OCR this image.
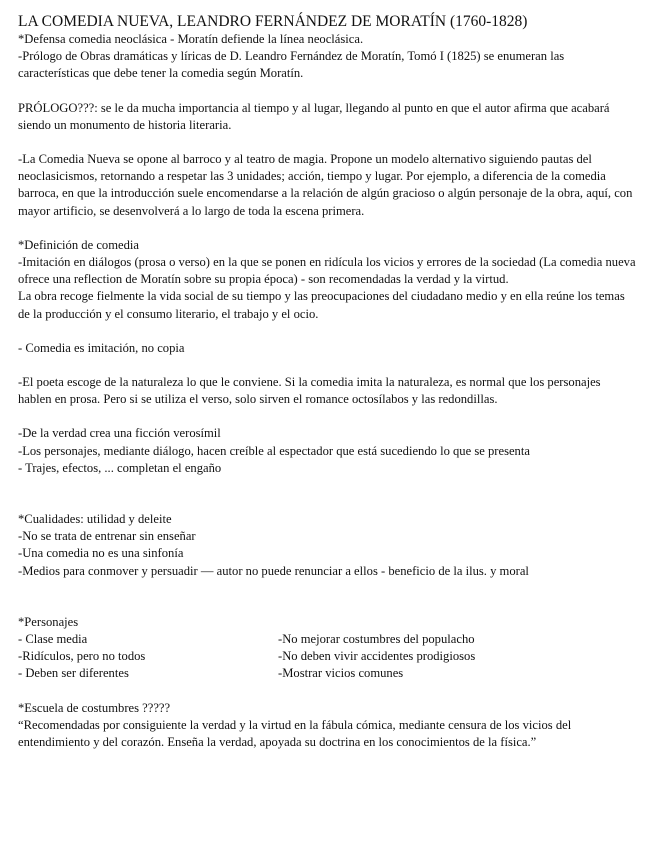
LA COMEDIA NUEVA, LEANDRO FERNÁNDEZ DE MORATÍN (1760-1828)

*Defensa comedia neoclásica - Moratín defiende la línea neoclásica.

-Prólogo de Obras dramáticas y líricas de D. Leandro Fernández de Moratín, Tomó I (1825) se enumeran las características que debe tener la comedia según Moratín.

PRÓLOGO???: se le da mucha importancia al tiempo y al lugar, llegando al punto en que el autor afirma que acabará siendo un monumento de historia literaria.

-La Comedia Nueva se opone al barroco y al teatro de magia. Propone un modelo alternativo siguiendo pautas del neoclasicismos, retornando a respetar las 3 unidades; acción, tiempo y lugar. Por ejemplo, a diferencia de la comedia barroca, en que la introducción suele encomendarse a la relación de algún gracioso o algún personaje de la obra, aquí, con mayor artificio, se desenvolverá a lo largo de toda la escena primera.

*Definición de comedia

-Imitación en diálogos (prosa o verso) en la que se ponen en ridícula los vicios y errores de la sociedad (La comedia nueva ofrece una reflection de Moratín sobre su propia época) - son recomendadas la verdad y la virtud.

La obra recoge fielmente la vida social de su tiempo y las preocupaciones del ciudadano medio y en ella reúne los temas de la producción y el consumo literario, el trabajo y el ocio.

- Comedia es imitación, no copia

-El poeta escoge de la naturaleza lo que le conviene. Si la comedia imita la naturaleza, es normal que los personajes hablen en prosa. Pero si se utiliza el verso, solo sirven el romance octosílabos y las redondillas.

-De la verdad crea una ficción verosímil

-Los personajes, mediante diálogo, hacen creíble al espectador que está sucediendo lo que se presenta

- Trajes, efectos, ... completan el engaño

*Cualidades: utilidad y deleite

-No se trata de entrenar sin enseñar

-Una comedia no es una sinfonía

-Medios para conmover y persuadir — autor no puede renunciar a ellos - beneficio de la ilus. y moral

*Personajes

- Clase media	-No mejorar costumbres del populacho

-Ridículos, pero no todos	-No deben vivir accidentes prodigiosos

- Deben ser diferentes	-Mostrar vicios comunes

*Escuela de costumbres ?????

“Recomendadas por consiguiente la verdad y la virtud en la fábula cómica, mediante censura de los vicios del entendimiento y del corazón. Enseña la verdad, apoyada su doctrina en los conocimientos de la física.”
